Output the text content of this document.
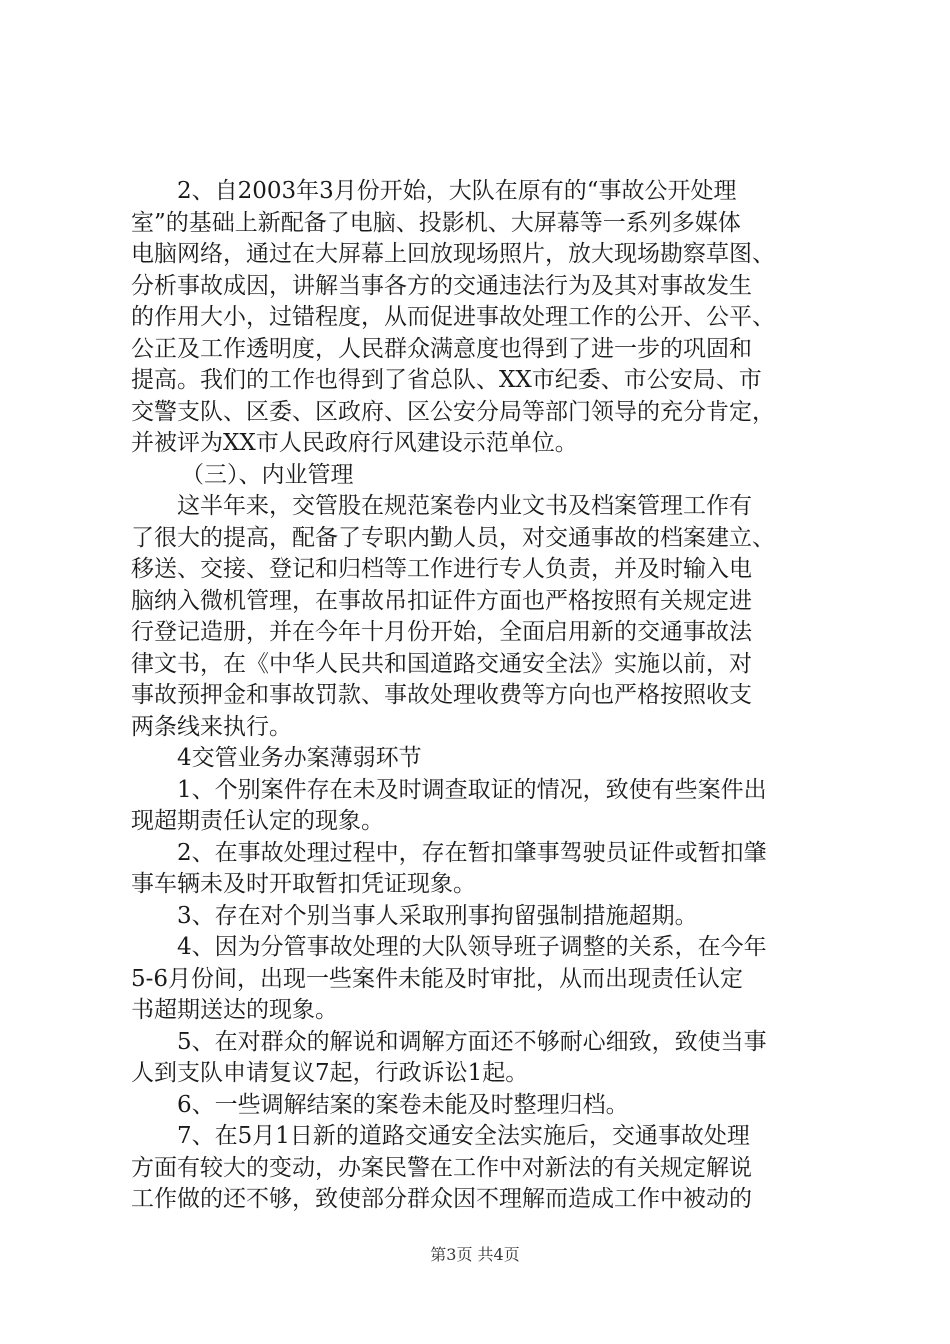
2、自2003年3月份开始，大队在原有的“事故公开处理
室”的基础上新配备了电脑、投影机、大屏幕等一系列多媒体
电脑网络，通过在大屏幕上回放现场照片，放大现场勘察草图、
分析事故成因，讲解当事各方的交通违法行为及其对事故发生
的作用大小，过错程度，从而促进事故处理工作的公开、公平、
公正及工作透明度，人民群众满意度也得到了进一步的巩固和
提高。我们的工作也得到了省总队、XX市纪委、市公安局、市
交警支队、区委、区政府、区公安分局等部门领导的充分肯定，
并被评为XX市人民政府行风建设示范单位。
（三）、内业管理
这半年来，交管股在规范案卷内业文书及档案管理工作有
了很大的提高，配备了专职内勤人员，对交通事故的档案建立、
移送、交接、登记和归档等工作进行专人负责，并及时输入电
脑纳入微机管理，在事故吊扣证件方面也严格按照有关规定进
行登记造册，并在今年十月份开始，全面启用新的交通事故法
律文书，在《中华人民共和国道路交通安全法》实施以前，对
事故预押金和事故罚款、事故处理收费等方向也严格按照收支
两条线来执行。
4交管业务办案薄弱环节
1、个别案件存在未及时调查取证的情况，致使有些案件出
现超期责任认定的现象。
2、在事故处理过程中，存在暂扣肇事驾驶员证件或暂扣肇
事车辆未及时开取暂扣凭证现象。
3、存在对个别当事人采取刑事拘留强制措施超期。
4、因为分管事故处理的大队领导班子调整的关系，在今年
5-6月份间，出现一些案件未能及时审批，从而出现责任认定
书超期送达的现象。
5、在对群众的解说和调解方面还不够耐心细致，致使当事
人到支队申请复议7起，行政诉讼1起。
6、一些调解结案的案卷未能及时整理归档。
7、在5月1日新的道路交通安全法实施后，交通事故处理
方面有较大的变动，办案民警在工作中对新法的有关规定解说
工作做的还不够，致使部分群众因不理解而造成工作中被动的
第3页 共4页
